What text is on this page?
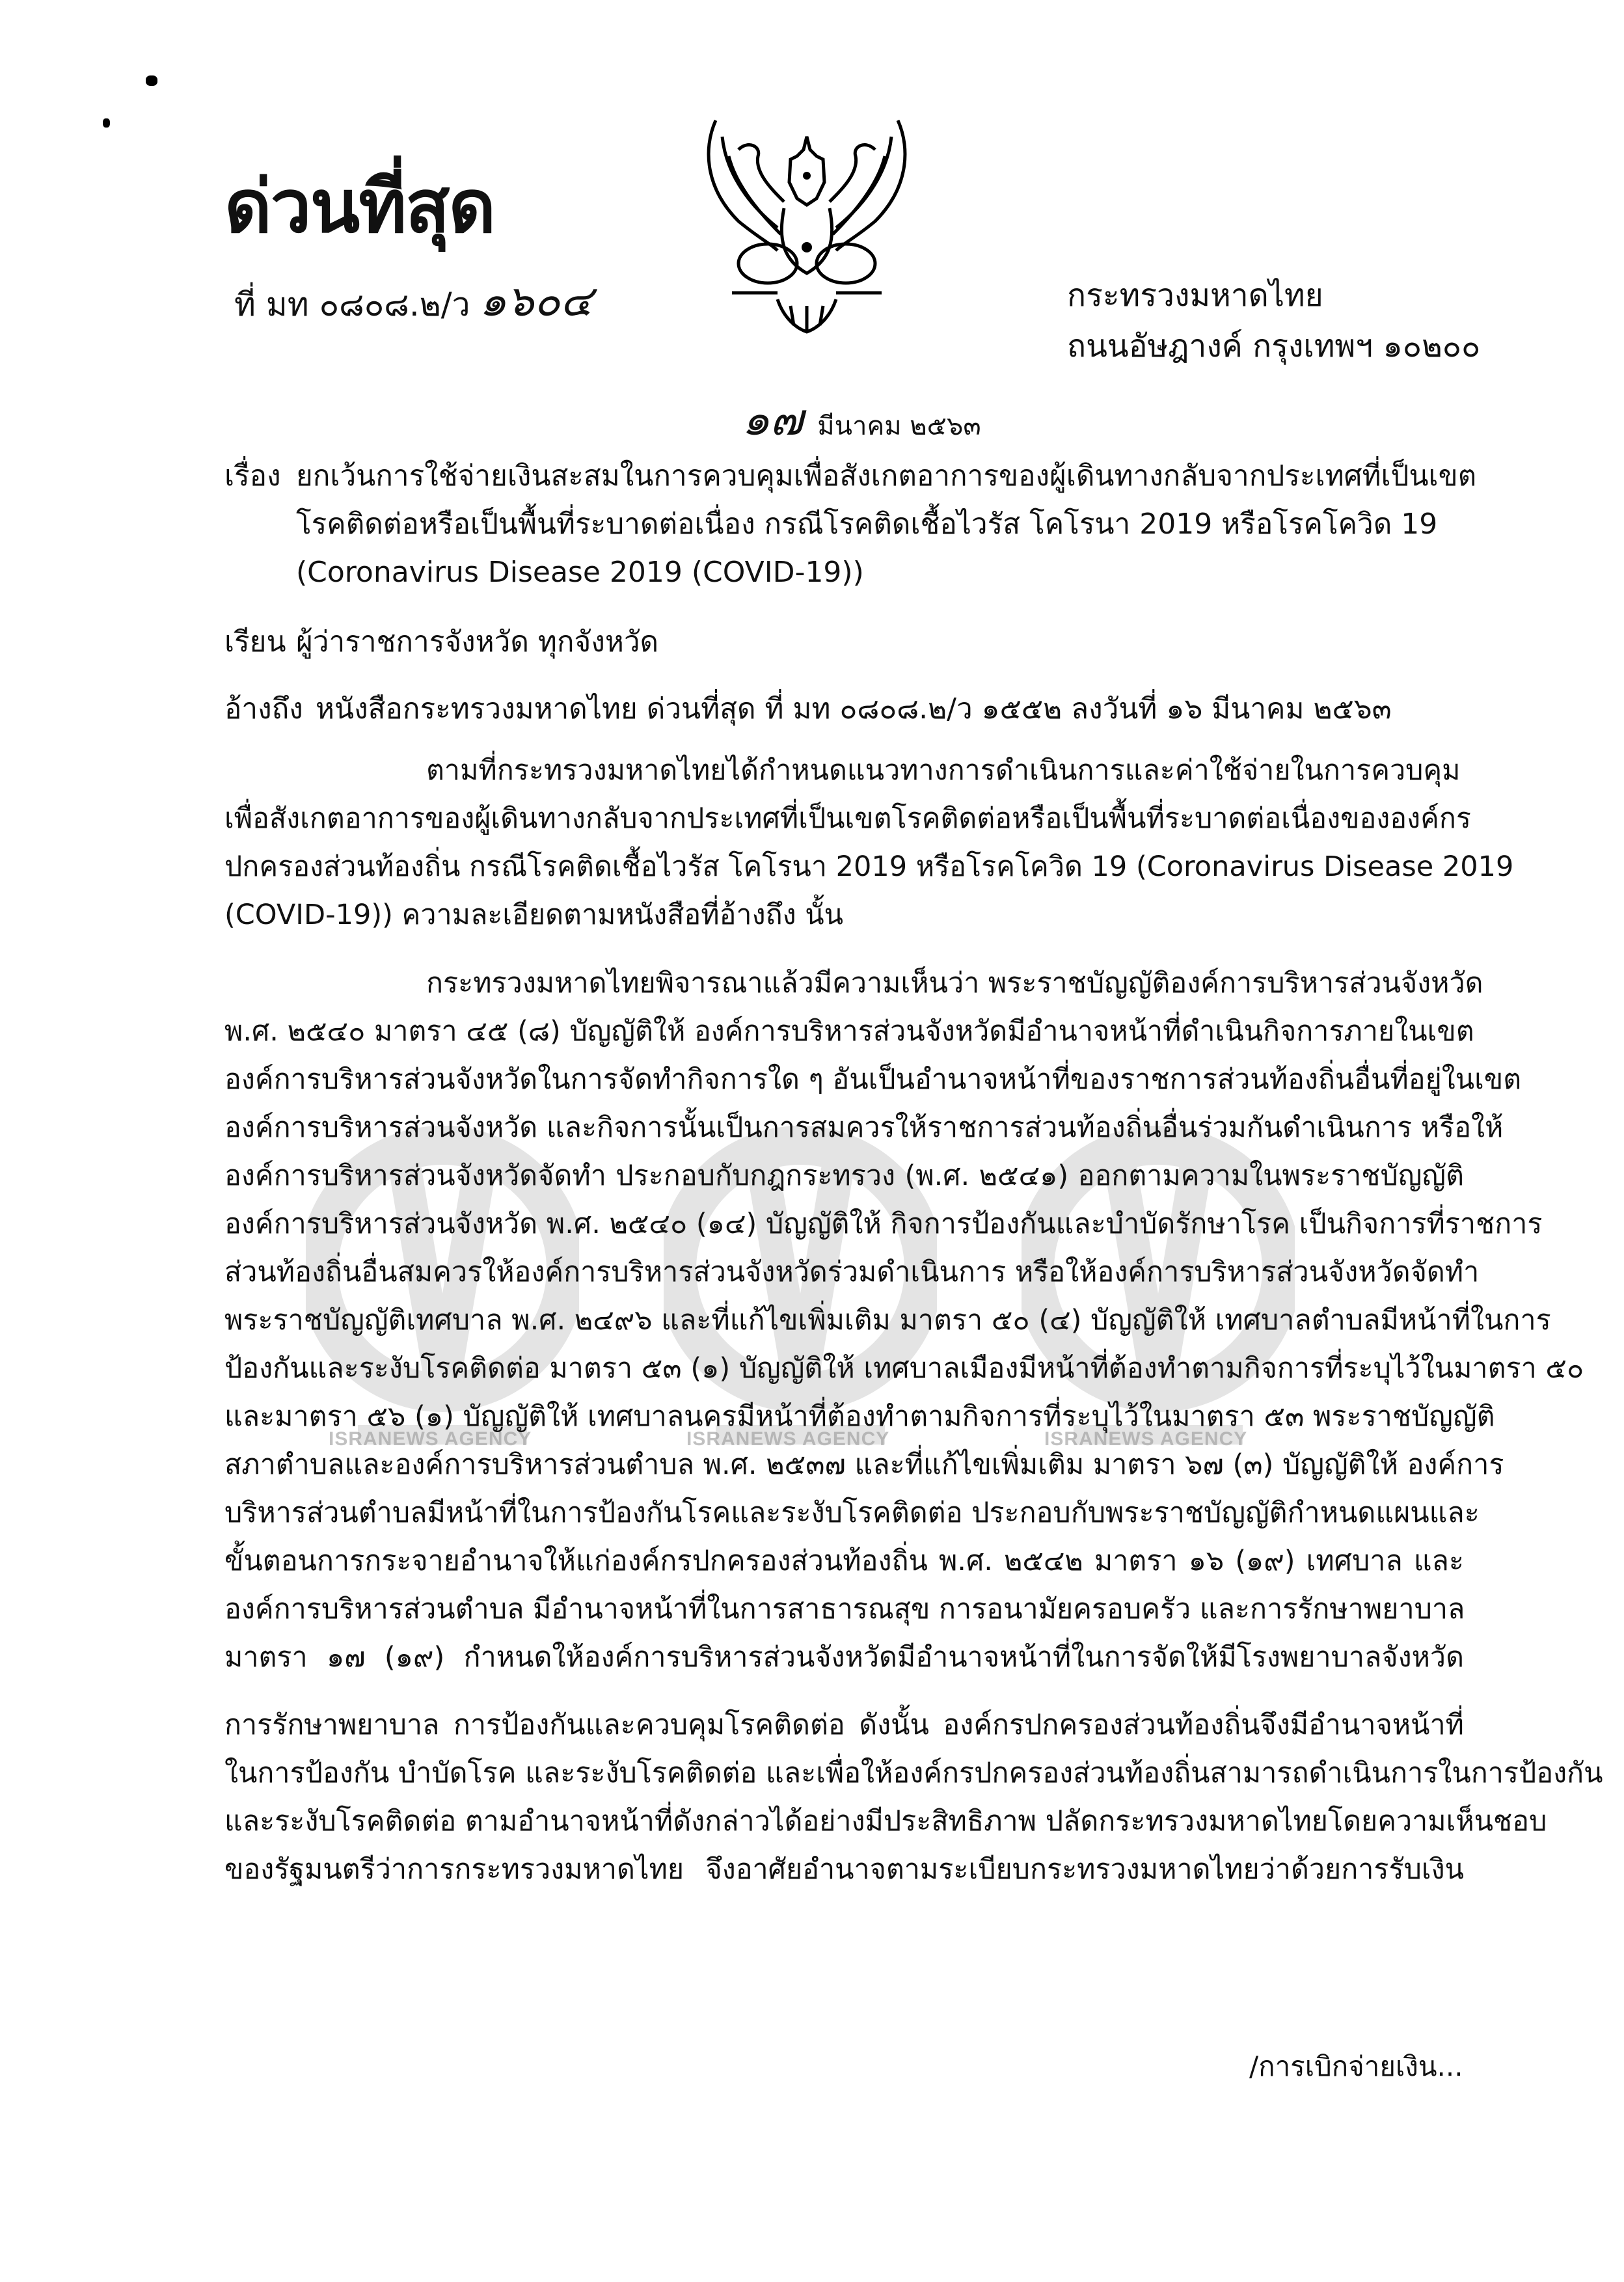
ด่วนที่สุด
ที่ มท ๐๘๐๘.๒/ว ๑๖๐๔	กระทรวงมหาดไทย
ถนนอัษฎางค์ กรุงเทพฯ ๑๐๒๐๐
๑๗ มีนาคม ๒๕๖๓
เรื่อง ยกเว้นการใช้จ่ายเงินสะสมในการควบคุมเพื่อสังเกตอาการของผู้เดินทางกลับจากประเทศที่เป็นเขต
โรคติดต่อหรือเป็นพื้นที่ระบาดต่อเนื่อง กรณีโรคติดเชื้อไวรัส โคโรนา 2019 หรือโรคโควิด 19
(Coronavirus Disease 2019 (COVID-19))
เรียน ผู้ว่าราชการจังหวัด ทุกจังหวัด
อ้างถึง หนังสือกระทรวงมหาดไทย ด่วนที่สุด ที่ มท ๐๘๐๘.๒/ว ๑๕๕๒ ลงวันที่ ๑๖ มีนาคม ๒๕๖๓
ISRANEWS AGENCY	ISRANEWS AGENCY	ISRANEWS AGENCY
ตามที่กระทรวงมหาดไทยได้กำหนดแนวทางการดำเนินการและค่าใช้จ่ายในการควบคุม
เพื่อสังเกตอาการของผู้เดินทางกลับจากประเทศที่เป็นเขตโรคติดต่อหรือเป็นพื้นที่ระบาดต่อเนื่องขององค์กร
ปกครองส่วนท้องถิ่น กรณีโรคติดเชื้อไวรัส โคโรนา 2019 หรือโรคโควิด 19 (Coronavirus Disease 2019
(COVID-19)) ความละเอียดตามหนังสือที่อ้างถึง นั้น
กระทรวงมหาดไทยพิจารณาแล้วมีความเห็นว่า พระราชบัญญัติองค์การบริหารส่วนจังหวัด
พ.ศ. ๒๕๔๐ มาตรา ๔๕ (๘) บัญญัติให้ องค์การบริหารส่วนจังหวัดมีอำนาจหน้าที่ดำเนินกิจการภายในเขต
องค์การบริหารส่วนจังหวัดในการจัดทำกิจการใด ๆ อันเป็นอำนาจหน้าที่ของราชการส่วนท้องถิ่นอื่นที่อยู่ในเขต
องค์การบริหารส่วนจังหวัด และกิจการนั้นเป็นการสมควรให้ราชการส่วนท้องถิ่นอื่นร่วมกันดำเนินการ หรือให้
องค์การบริหารส่วนจังหวัดจัดทำ ประกอบกับกฎกระทรวง (พ.ศ. ๒๕๔๑) ออกตามความในพระราชบัญญัติ
องค์การบริหารส่วนจังหวัด พ.ศ. ๒๕๔๐ (๑๔) บัญญัติให้ กิจการป้องกันและบำบัดรักษาโรค เป็นกิจการที่ราชการ
ส่วนท้องถิ่นอื่นสมควรให้องค์การบริหารส่วนจังหวัดร่วมดำเนินการ หรือให้องค์การบริหารส่วนจังหวัดจัดทำ
พระราชบัญญัติเทศบาล พ.ศ. ๒๔๙๖ และที่แก้ไขเพิ่มเติม มาตรา ๕๐ (๔) บัญญัติให้ เทศบาลตำบลมีหน้าที่ในการ
ป้องกันและระงับโรคติดต่อ มาตรา ๕๓ (๑) บัญญัติให้ เทศบาลเมืองมีหน้าที่ต้องทำตามกิจการที่ระบุไว้ในมาตรา ๕๐
และมาตรา ๕๖ (๑) บัญญัติให้ เทศบาลนครมีหน้าที่ต้องทำตามกิจการที่ระบุไว้ในมาตรา ๕๓ พระราชบัญญัติ
สภาตำบลและองค์การบริหารส่วนตำบล พ.ศ. ๒๕๓๗ และที่แก้ไขเพิ่มเติม มาตรา ๖๗ (๓) บัญญัติให้ องค์การ
บริหารส่วนตำบลมีหน้าที่ในการป้องกันโรคและระงับโรคติดต่อ ประกอบกับพระราชบัญญัติกำหนดแผนและ
ขั้นตอนการกระจายอำนาจให้แก่องค์กรปกครองส่วนท้องถิ่น พ.ศ. ๒๕๔๒ มาตรา ๑๖ (๑๙) เทศบาล และ
องค์การบริหารส่วนตำบล มีอำนาจหน้าที่ในการสาธารณสุข การอนามัยครอบครัว และการรักษาพยาบาล
มาตรา ๑๗ (๑๙) กำหนดให้องค์การบริหารส่วนจังหวัดมีอำนาจหน้าที่ในการจัดให้มีโรงพยาบาลจังหวัด
การรักษาพยาบาล การป้องกันและควบคุมโรคติดต่อ ดังนั้น องค์กรปกครองส่วนท้องถิ่นจึงมีอำนาจหน้าที่
ในการป้องกัน บำบัดโรค และระงับโรคติดต่อ และเพื่อให้องค์กรปกครองส่วนท้องถิ่นสามารถดำเนินการในการป้องกัน
และระงับโรคติดต่อ ตามอำนาจหน้าที่ดังกล่าวได้อย่างมีประสิทธิภาพ ปลัดกระทรวงมหาดไทยโดยความเห็นชอบ
ของรัฐมนตรีว่าการกระทรวงมหาดไทย จึงอาศัยอำนาจตามระเบียบกระทรวงมหาดไทยว่าด้วยการรับเงิน
/การเบิกจ่ายเงิน...
